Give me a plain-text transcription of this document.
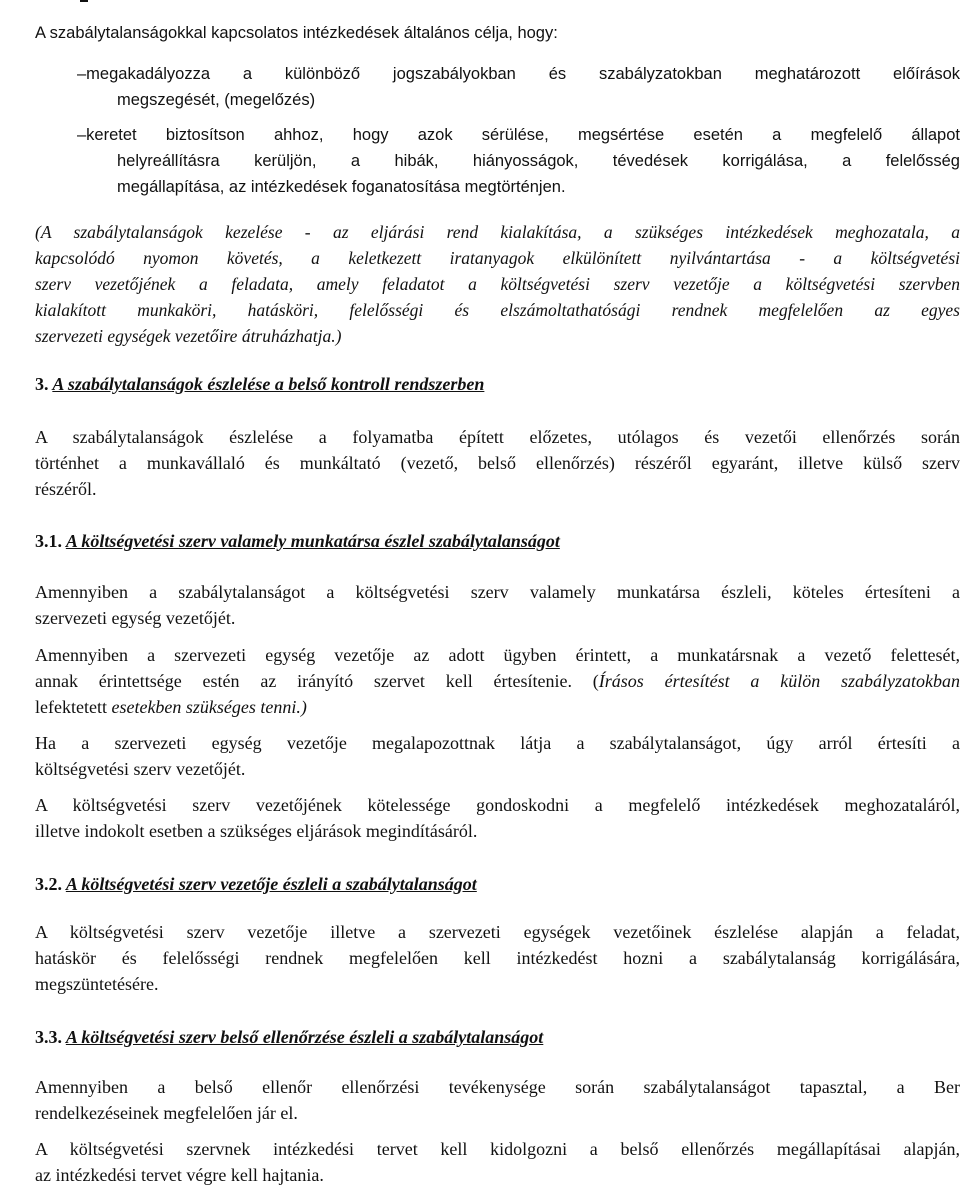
A szabálytalanságokkal kapcsolatos intézkedések általános célja, hogy:
–megakadályozza a különböző jogszabályokban és szabályzatokban meghatározott előírások
megszegését, (megelőzés)
–keretet biztosítson ahhoz, hogy azok sérülése, megsértése esetén a megfelelő állapot
helyreállításra kerüljön, a hibák, hiányosságok, tévedések korrigálása, a felelősség
megállapítása, az intézkedések foganatosítása megtörténjen.
(A szabálytalanságok kezelése - az eljárási rend kialakítása, a szükséges intézkedések meghozatala, a
kapcsolódó nyomon követés, a keletkezett iratanyagok elkülönített nyilvántartása - a költségvetési
szerv vezetőjének a feladata, amely feladatot a költségvetési szerv vezetője a költségvetési szervben
kialakított munkaköri, hatásköri, felelősségi és elszámoltathatósági rendnek megfelelően az egyes
szervezeti egységek vezetőire átruházhatja.)
3. A szabálytalanságok észlelése a belső kontroll rendszerben
A szabálytalanságok észlelése a folyamatba épített előzetes, utólagos és vezetői ellenőrzés során
történhet a munkavállaló és munkáltató (vezető, belső ellenőrzés) részéről egyaránt, illetve külső szerv
részéről.
3.1. A költségvetési szerv valamely munkatársa észlel szabálytalanságot
Amennyiben a szabálytalanságot a költségvetési szerv valamely munkatársa észleli, köteles értesíteni a
szervezeti egység vezetőjét.
Amennyiben a szervezeti egység vezetője az adott ügyben érintett, a munkatársnak a vezető felettesét,
annak érintettsége estén az irányító szervet kell értesítenie. (Írásos értesítést a külön szabályzatokban
lefektetett esetekben szükséges tenni.)
Ha a szervezeti egység vezetője megalapozottnak látja a szabálytalanságot, úgy arról értesíti a
költségvetési szerv vezetőjét.
A költségvetési szerv vezetőjének kötelessége gondoskodni a megfelelő intézkedések meghozataláról,
illetve indokolt esetben a szükséges eljárások megindításáról.
3.2. A költségvetési szerv vezetője észleli a szabálytalanságot
A költségvetési szerv vezetője illetve a szervezeti egységek vezetőinek észlelése alapján a feladat,
hatáskör és felelősségi rendnek megfelelően kell intézkedést hozni a szabálytalanság korrigálására,
megszüntetésére.
3.3. A költségvetési szerv belső ellenőrzése észleli a szabálytalanságot
Amennyiben a belső ellenőr ellenőrzési tevékenysége során szabálytalanságot tapasztal, a Ber
rendelkezéseinek megfelelően jár el.
A költségvetési szervnek intézkedési tervet kell kidolgozni a belső ellenőrzés megállapításai alapján,
az intézkedési tervet végre kell hajtania.
